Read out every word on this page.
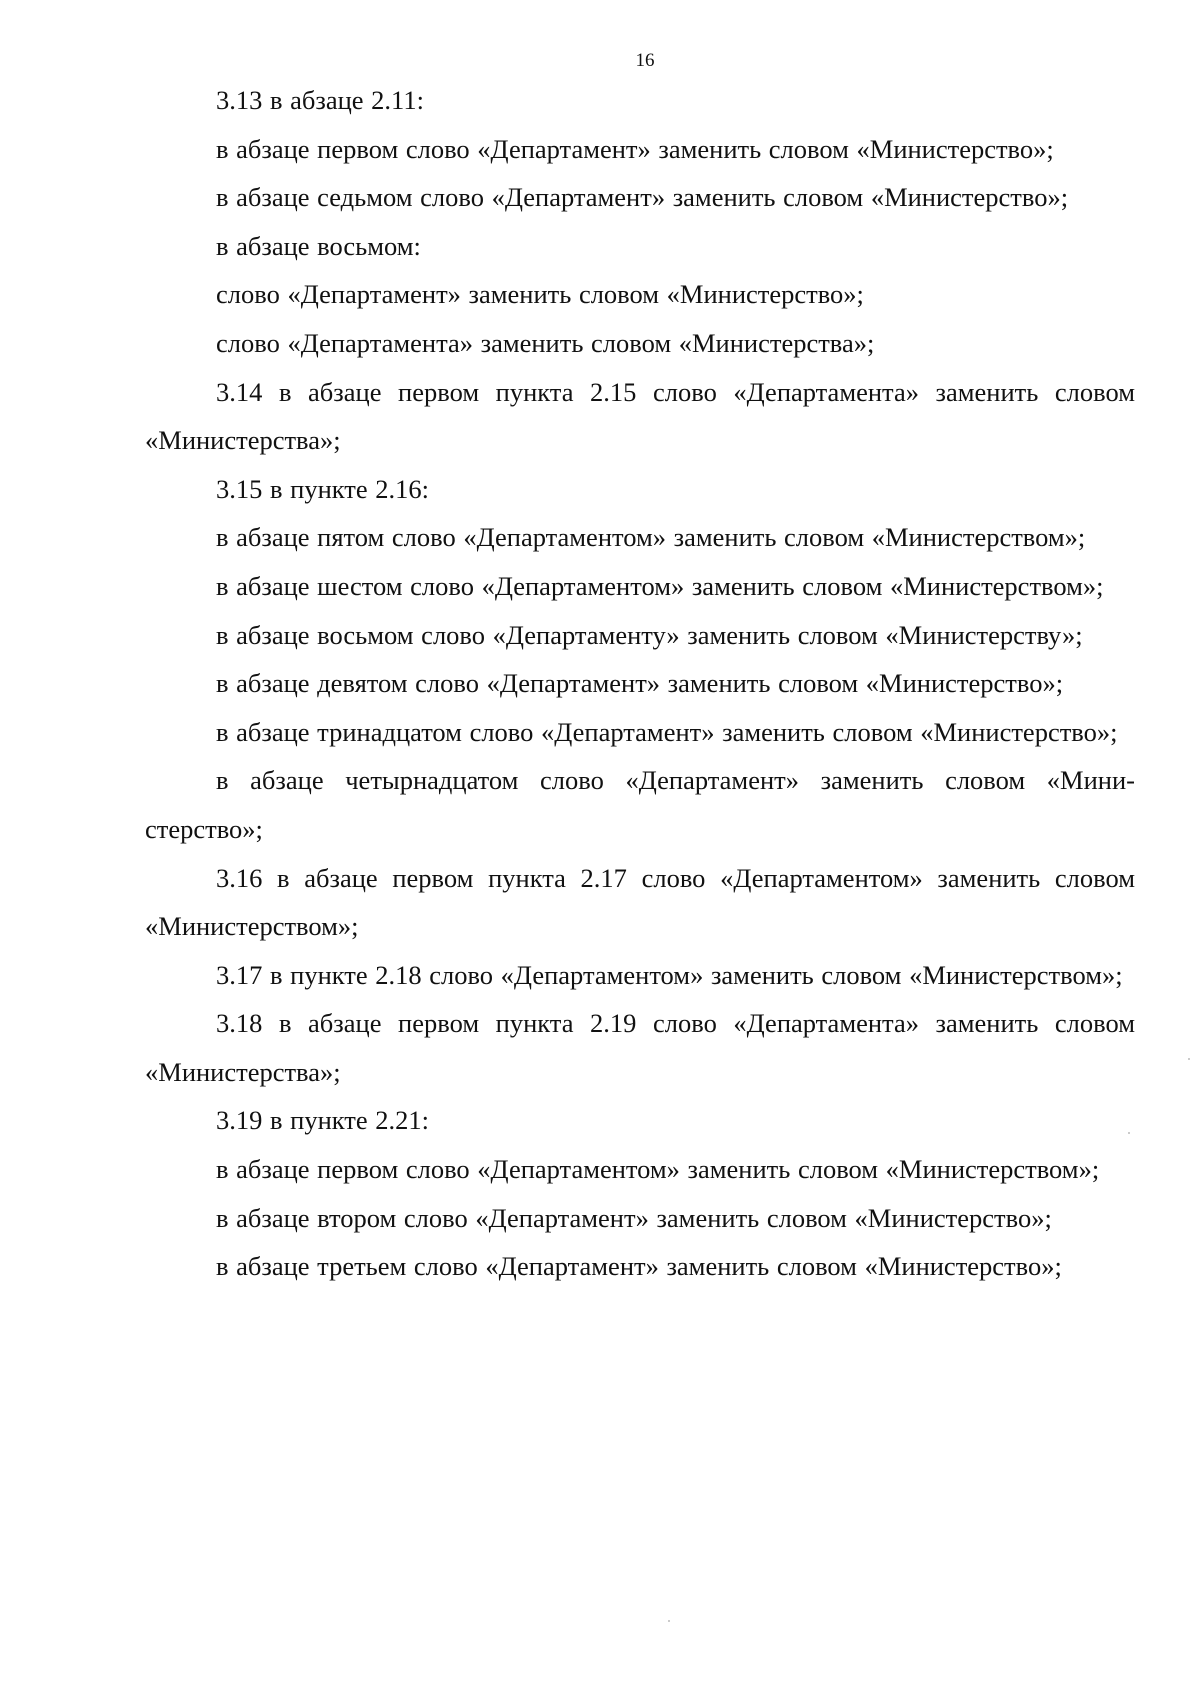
16

3.13 в абзаце 2.11:

в абзаце первом слово «Департамент» заменить словом «Министерство»;

в абзаце седьмом слово «Департамент» заменить словом «Министерство»;

в абзаце восьмом:

слово «Департамент» заменить словом «Министерство»;

слово «Департамента» заменить словом «Министерства»;

3.14 в абзаце первом пункта 2.15 слово «Департамента» заменить словом «Министерства»;

3.15 в пункте 2.16:

в абзаце пятом слово «Департаментом» заменить словом «Министерством»;

в абзаце шестом слово «Департаментом» заменить словом «Министерством»;

в абзаце восьмом слово «Департаменту» заменить словом «Министерству»;

в абзаце девятом слово «Департамент» заменить словом «Министерство»;

в абзаце тринадцатом слово «Департамент» заменить словом «Министерство»;

в абзаце четырнадцатом слово «Департамент» заменить словом «Министерство»;

3.16 в абзаце первом пункта 2.17 слово «Департаментом» заменить словом «Министерством»;

3.17 в пункте 2.18 слово «Департаментом» заменить словом «Министерством»;

3.18 в абзаце первом пункта 2.19 слово «Департамента» заменить словом «Министерства»;

3.19 в пункте 2.21:

в абзаце первом слово «Департаментом» заменить словом «Министерством»;

в абзаце втором слово «Департамент» заменить словом «Министерство»;

в абзаце третьем слово «Департамент» заменить словом «Министерство»;
